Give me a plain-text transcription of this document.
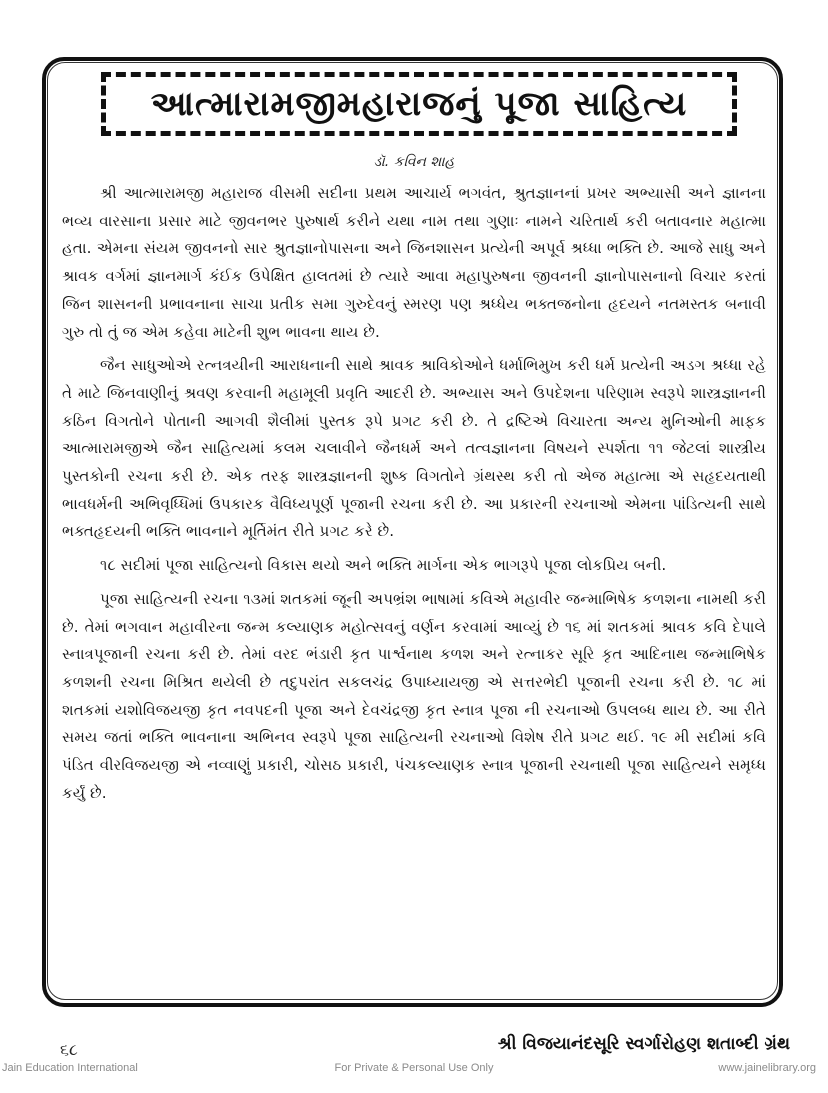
આત્મારામજીમહારાજનું પૂજા સાહિત્ય
ડૉ. કવિન શાહ

શ્રી આત્મારામજી મહારાજ વીસમી સદીના પ્રથમ આચાર્ય ભગવંત, શ્રુતજ્ઞાનનાં પ્રખર અભ્યાસી અને જ્ઞાનના ભવ્ય વારસાના પ્રસાર માટે જીવનભર પુરુષાર્થ કરીને યથા નામ તથા ગુણાઃ નામને ચરિતાર્થ કરી બતાવનાર મહાત્મા હતા. એમના સંયમ જીવનનો સાર શ્રુતજ્ઞાનોપાસના અને જિનશાસન પ્રત્યેની અપૂર્વ શ્રધ્ધા ભક્તિ છે. આજે સાધુ અને શ્રાવક વર્ગમાં જ્ઞાનમાર્ગ કંઈક ઉપેક્ષિત હાલતમાં છે ત્યારે આવા મહાપુરુષના જીવનની જ્ઞાનોપાસનાનો વિચાર કરતાં જિન શાસનની પ્રભાવનાના સાચા પ્રતીક સમા ગુરુદેવનું સ્મરણ પણ શ્રધ્ધેય ભક્તજનોના હૃદયને નતમસ્તક બનાવી ગુરુ તો તું જ એમ કહેવા માટેની શુભ ભાવના થાય છે.

જૈન સાધુઓએ રત્નત્રયીની આરાધનાની સાથે શ્રાવક શ્રાવિકોઓને ધર્માભિમુખ કરી ધર્મ પ્રત્યેની અડગ શ્રધ્ધા રહે તે માટે જિનવાણીનું શ્રવણ કરવાની મહામૂલી પ્રવૃતિ આદરી છે. અભ્યાસ અને ઉપદેશના પરિણામ સ્વરૂપે શાસ્ત્રજ્ઞાનની કઠિન વિગતોને પોતાની આગવી શૈલીમાં પુસ્તક રૂપે પ્રગટ કરી છે. તે દ્રષ્ટિએ વિચારતા અન્ય મુનિઓની માફક આત્મારામજીએ જૈન સાહિત્યમાં કલમ ચલાવીને જૈનધર્મ અને તત્વજ્ઞાનના વિષયને સ્પર્શતા ૧૧ જેટલાં શાસ્ત્રીય પુસ્તકોની રચના કરી છે. એક તરફ શાસ્ત્રજ્ઞાનની શુષ્ક વિગતોને ગ્રંથસ્થ કરી તો એજ મહાત્મા એ સહૃદયતાથી ભાવધર્મની અભિવૃધ્ધિમાં ઉપકારક વૈવિધ્યપૂર્ણ પૂજાની રચના કરી છે. આ પ્રકારની રચનાઓ એમના પાંડિત્યની સાથે ભક્તહૃદયની ભક્તિ ભાવનાને મૂર્તિમંત રીતે પ્રગટ કરે છે.

૧૮ સદીમાં પૂજા સાહિત્યનો વિકાસ થયો અને ભક્તિ માર્ગના એક ભાગરૂપે પૂજા લોકપ્રિય બની.

પૂજા સાહિત્યની રચના ૧૩માં શતકમાં જૂની અપભ્રંશ ભાષામાં કવિએ મહાવીર જન્માભિષેક કળશના નામથી કરી છે. તેમાં ભગવાન મહાવીરના જન્મ કલ્યાણક મહોત્સવનું વર્ણન કરવામાં આવ્યું છે ૧૬ માં શતકમાં શ્રાવક કવિ દેપાલે સ્નાત્રપૂજાની રચના કરી છે. તેમાં વરદ ભંડારી કૃત પાર્શ્વનાથ કળશ અને રત્નાકર સૂરિ કૃત આદિનાથ જન્માભિષેક કળશની રચના મિશ્રિત થયેલી છે તદુપરાંત સકલચંદ્ર ઉપાધ્યાયજી એ સત્તરભેદી પૂજાની રચના કરી છે. ૧૮ માં શતકમાં યશોવિજયજી કૃત નવપદની પૂજા અને દેવચંદ્રજી કૃત સ્નાત્ર પૂજા ની રચનાઓ ઉપલબ્ધ થાય છે. આ રીતે સમય જતાં ભક્તિ ભાવનાના અભિનવ સ્વરૂપે પૂજા સાહિત્યની રચનાઓ વિશેષ રીતે પ્રગટ થઈ. ૧૯ મી સદીમાં કવિ પંડિત વીરવિજયજી એ નવ્વાણું પ્રકારી, ચોસઠ પ્રકારી, પંચકલ્યાણક સ્નાત્ર પૂજાની રચનાથી પૂજા સાહિત્યને સમૃધ્ધ કર્યું છે.

૬૮	શ્રી વિજયાનંદસૂરિ સ્વર્ગારોહણ શતાબ્દી ગ્રંથ
Jain Education International	For Private & Personal Use Only	www.jainelibrary.org
